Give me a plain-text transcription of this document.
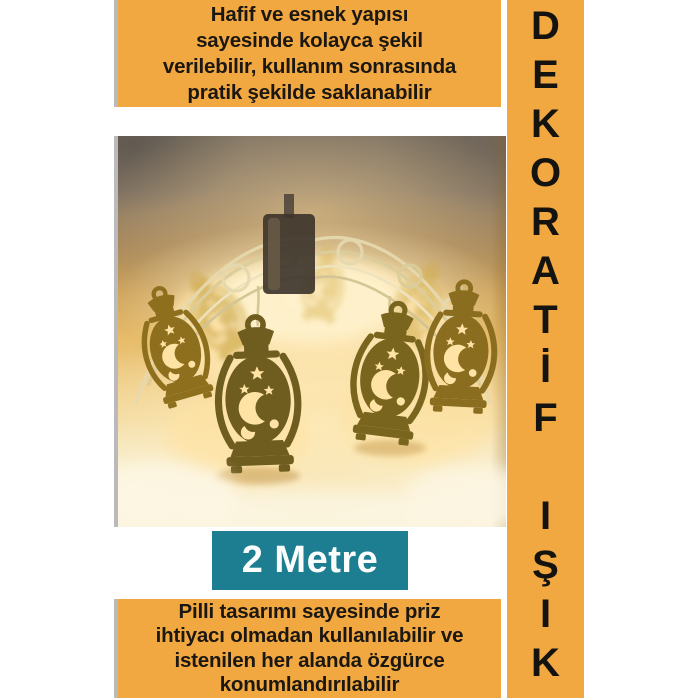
Hafif ve esnek yapısı
sayesinde kolayca şekil
verilebilir, kullanım sonrasında
pratik şekilde saklanabilir
2 Metre
Pilli tasarımı sayesinde priz
ihtiyacı olmadan kullanılabilir ve
istenilen her alanda özgürce
konumlandırılabilir
D
E
K
O
R
A
T
İ
F
I
Ş
I
K
